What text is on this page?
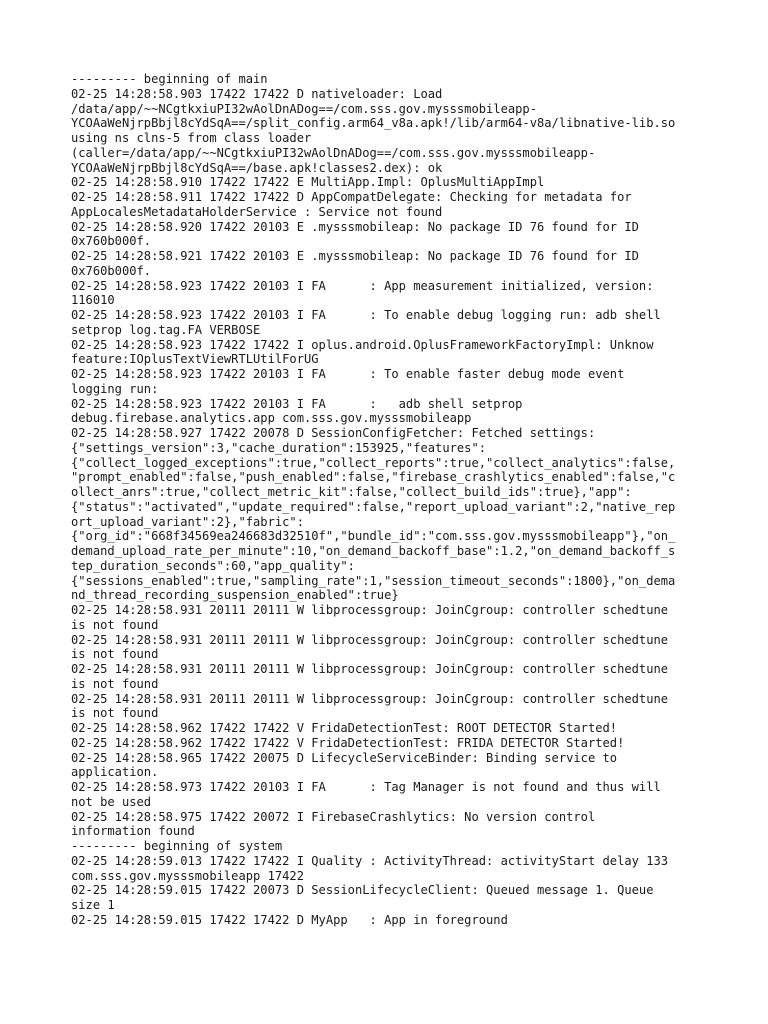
--------- beginning of main
02-25 14:28:58.903 17422 17422 D nativeloader: Load
/data/app/~~NCgtkxiuPI32wAolDnADog==/com.sss.gov.mysssmobileapp-
YCOAaWeNjrpBbjl8cYdSqA==/split_config.arm64_v8a.apk!/lib/arm64-v8a/libnative-lib.so
using ns clns-5 from class loader
(caller=/data/app/~~NCgtkxiuPI32wAolDnADog==/com.sss.gov.mysssmobileapp-
YCOAaWeNjrpBbjl8cYdSqA==/base.apk!classes2.dex): ok
02-25 14:28:58.910 17422 17422 E MultiApp.Impl: OplusMultiAppImpl
02-25 14:28:58.911 17422 17422 D AppCompatDelegate: Checking for metadata for
AppLocalesMetadataHolderService : Service not found
02-25 14:28:58.920 17422 20103 E .mysssmobileap: No package ID 76 found for ID
0x760b000f.
02-25 14:28:58.921 17422 20103 E .mysssmobileap: No package ID 76 found for ID
0x760b000f.
02-25 14:28:58.923 17422 20103 I FA      : App measurement initialized, version:
116010
02-25 14:28:58.923 17422 20103 I FA      : To enable debug logging run: adb shell
setprop log.tag.FA VERBOSE
02-25 14:28:58.923 17422 17422 I oplus.android.OplusFrameworkFactoryImpl: Unknow
feature:IOplusTextViewRTLUtilForUG
02-25 14:28:58.923 17422 20103 I FA      : To enable faster debug mode event
logging run:
02-25 14:28:58.923 17422 20103 I FA      :   adb shell setprop
debug.firebase.analytics.app com.sss.gov.mysssmobileapp
02-25 14:28:58.927 17422 20078 D SessionConfigFetcher: Fetched settings:
{"settings_version":3,"cache_duration":153925,"features":
{"collect_logged_exceptions":true,"collect_reports":true,"collect_analytics":false,
"prompt_enabled":false,"push_enabled":false,"firebase_crashlytics_enabled":false,"c
ollect_anrs":true,"collect_metric_kit":false,"collect_build_ids":true},"app":
{"status":"activated","update_required":false,"report_upload_variant":2,"native_rep
ort_upload_variant":2},"fabric":
{"org_id":"668f34569ea246683d32510f","bundle_id":"com.sss.gov.mysssmobileapp"},"on_
demand_upload_rate_per_minute":10,"on_demand_backoff_base":1.2,"on_demand_backoff_s
tep_duration_seconds":60,"app_quality":
{"sessions_enabled":true,"sampling_rate":1,"session_timeout_seconds":1800},"on_dema
nd_thread_recording_suspension_enabled":true}
02-25 14:28:58.931 20111 20111 W libprocessgroup: JoinCgroup: controller schedtune
is not found
02-25 14:28:58.931 20111 20111 W libprocessgroup: JoinCgroup: controller schedtune
is not found
02-25 14:28:58.931 20111 20111 W libprocessgroup: JoinCgroup: controller schedtune
is not found
02-25 14:28:58.931 20111 20111 W libprocessgroup: JoinCgroup: controller schedtune
is not found
02-25 14:28:58.962 17422 17422 V FridaDetectionTest: ROOT DETECTOR Started!
02-25 14:28:58.962 17422 17422 V FridaDetectionTest: FRIDA DETECTOR Started!
02-25 14:28:58.965 17422 20075 D LifecycleServiceBinder: Binding service to
application.
02-25 14:28:58.973 17422 20103 I FA      : Tag Manager is not found and thus will
not be used
02-25 14:28:58.975 17422 20072 I FirebaseCrashlytics: No version control
information found
--------- beginning of system
02-25 14:28:59.013 17422 17422 I Quality : ActivityThread: activityStart delay 133
com.sss.gov.mysssmobileapp 17422
02-25 14:28:59.015 17422 20073 D SessionLifecycleClient: Queued message 1. Queue
size 1
02-25 14:28:59.015 17422 17422 D MyApp   : App in foreground
